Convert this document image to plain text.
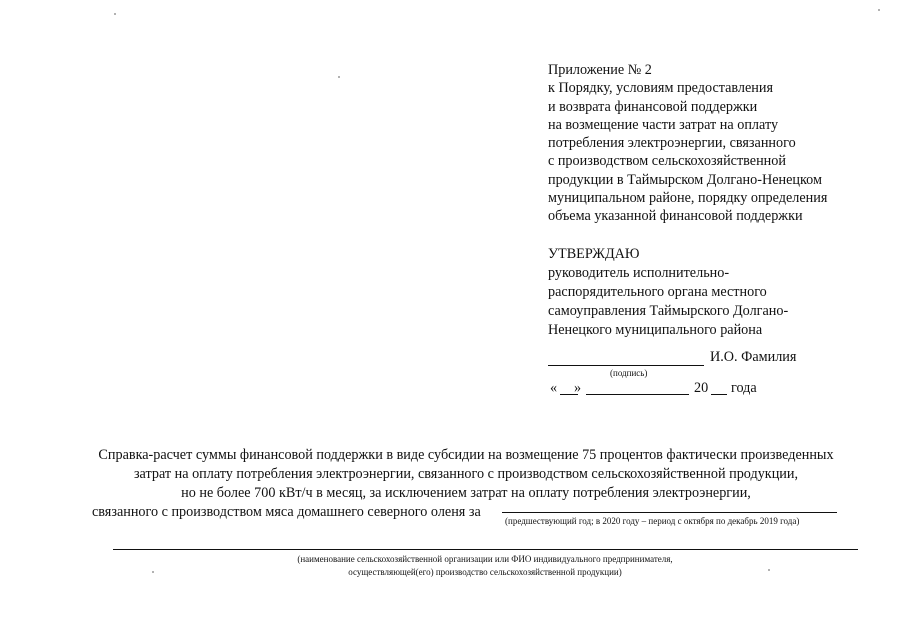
Приложение № 2
к Порядку, условиям предоставления
и возврата финансовой поддержки
на возмещение части затрат на оплату
потребления электроэнергии, связанного
с производством сельскохозяйственной
продукции в Таймырском Долгано-Ненецком
муниципальном районе, порядку определения
объема указанной финансовой поддержки
УТВЕРЖДАЮ
руководитель исполнительно-
распорядительного органа местного
самоуправления Таймырского Долгано-
Ненецкого муниципального района
И.О. Фамилия
(подпись)
« »	20 года
Справка-расчет суммы финансовой поддержки в виде субсидии на возмещение 75 процентов фактически произведенных
затрат на оплату потребления электроэнергии, связанного с производством сельскохозяйственной продукции,
но не более 700 кВт/ч в месяц, за исключением затрат на оплату потребления электроэнергии,
связанного с производством мяса домашнего северного оленя за
(предшествующий год; в 2020 году – период с октября по декабрь 2019 года)
(наименование сельскохозяйственной организации или ФИО индивидуального предпринимателя,
осуществляющей(его) производство сельскохозяйственной продукции)
